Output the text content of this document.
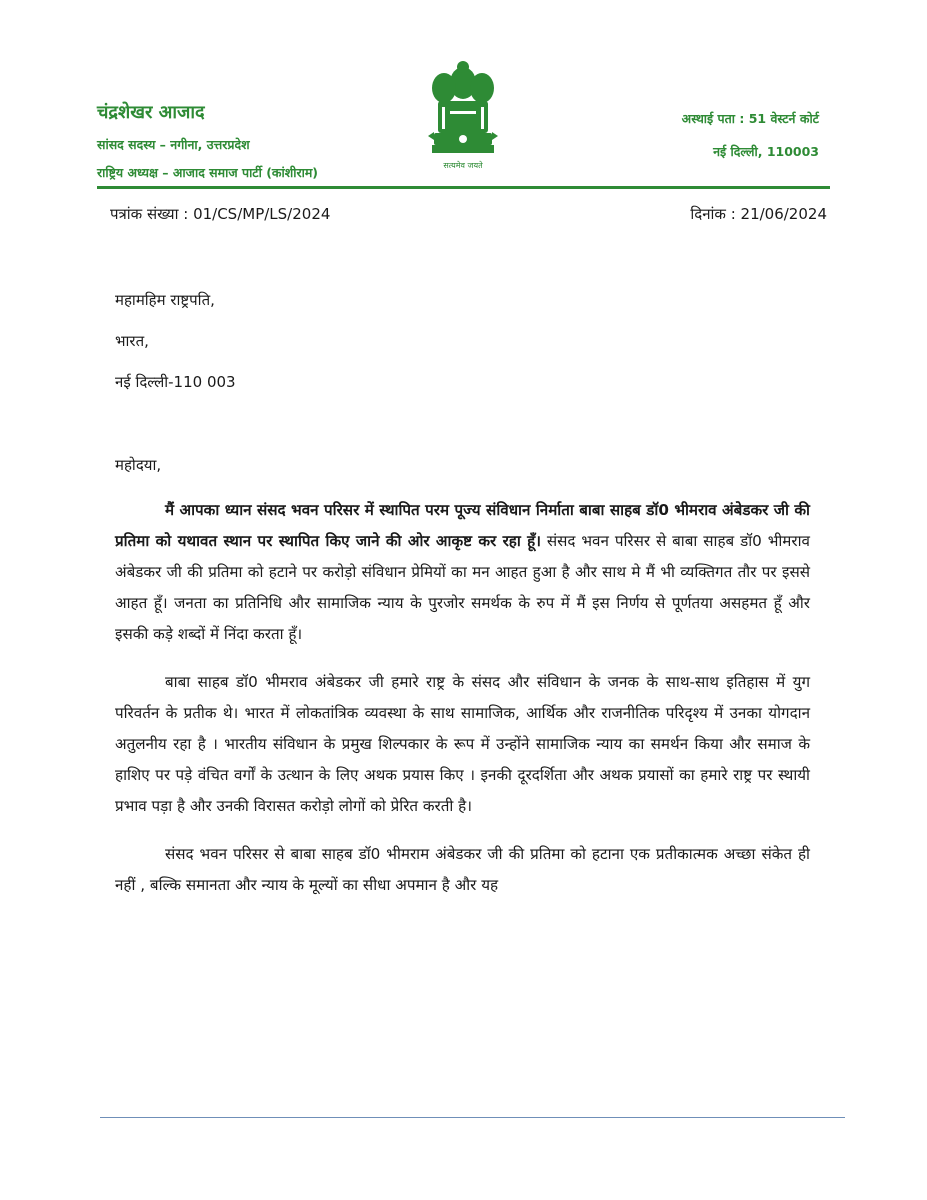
चंद्रशेखर आजाद
सांसद सदस्य – नगीना, उत्तरप्रदेश
राष्ट्रिय अध्यक्ष – आजाद समाज पार्टी (कांशीराम)	सत्यमेव जयते
अस्थाई पता : 51 वेस्टर्न कोर्ट
नई दिल्ली, 110003
पत्रांक संख्या : 01/CS/MP/LS/2024	दिनांक : 21/06/2024
महामहिम राष्ट्रपति,
भारत,
नई दिल्ली-110 003
महोदया,

मैं आपका ध्यान संसद भवन परिसर में स्थापित परम पूज्य संविधान निर्माता बाबा साहब डॉ0 भीमराव अंबेडकर जी की प्रतिमा को यथावत स्थान पर स्थापित किए जाने की ओर आकृष्ट कर रहा हूँ। संसद भवन परिसर से बाबा साहब डॉ0 भीमराव अंबेडकर जी की प्रतिमा को हटाने पर करोड़ो संविधान प्रेमियों का मन आहत हुआ है और साथ मे मैं भी व्यक्तिगत तौर पर इससे आहत हूँ। जनता का प्रतिनिधि और सामाजिक न्याय के पुरजोर समर्थक के रुप में मैं इस निर्णय से पूर्णतया असहमत हूँ और इसकी कड़े शब्दों में निंदा करता हूँ।

बाबा साहब डॉ0 भीमराव अंबेडकर जी हमारे राष्ट्र के संसद और संविधान के जनक के साथ-साथ इतिहास में युग परिवर्तन के प्रतीक थे। भारत में लोकतांत्रिक व्यवस्था के साथ सामाजिक, आर्थिक और राजनीतिक परिदृश्य में उनका योगदान अतुलनीय रहा है । भारतीय संविधान के प्रमुख शिल्पकार के रूप में उन्होंने सामाजिक न्याय का समर्थन किया और समाज के हाशिए पर पड़े वंचित वर्गों के उत्थान के लिए अथक प्रयास किए । इनकी दूरदर्शिता और अथक प्रयासों का हमारे राष्ट्र पर स्थायी प्रभाव पड़ा है और उनकी विरासत करोड़ो लोगों को प्रेरित करती है।

संसद भवन परिसर से बाबा साहब डॉ0 भीमराम अंबेडकर जी की प्रतिमा को हटाना एक प्रतीकात्मक अच्छा संकेत ही नहीं , बल्कि समानता और न्याय के मूल्यों का सीधा अपमान है और यह
